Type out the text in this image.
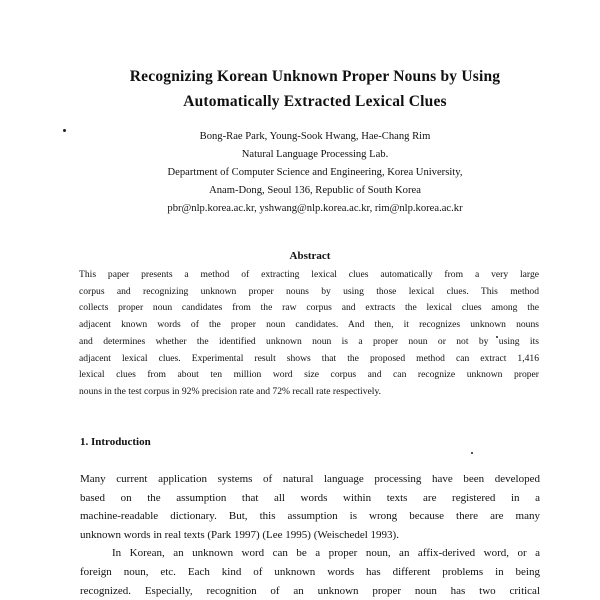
Recognizing Korean Unknown Proper Nouns by Using
Automatically Extracted Lexical Clues
Bong-Rae Park, Young-Sook Hwang, Hae-Chang Rim
Natural Language Processing Lab.
Department of Computer Science and Engineering, Korea University,
Anam-Dong, Seoul 136, Republic of South Korea
pbr@nlp.korea.ac.kr, yshwang@nlp.korea.ac.kr, rim@nlp.korea.ac.kr
Abstract
This paper presents a method of extracting lexical clues automatically from a very large
corpus and recognizing unknown proper nouns by using those lexical clues. This method
collects proper noun candidates from the raw corpus and extracts the lexical clues among the
adjacent known words of the proper noun candidates. And then, it recognizes unknown nouns
and determines whether the identified unknown noun is a proper noun or not by using its
adjacent lexical clues. Experimental result shows that the proposed method can extract 1,416
lexical clues from about ten million word size corpus and can recognize unknown proper
nouns in the test corpus in 92% precision rate and 72% recall rate respectively.
1. Introduction
Many current application systems of natural language processing have been developed
based on the assumption that all words within texts are registered in a
machine-readable dictionary. But, this assumption is wrong because there are many
unknown words in real texts (Park 1997) (Lee 1995) (Weischedel 1993).
In Korean, an unknown word can be a proper noun, an affix-derived word, or a
foreign noun, etc. Each kind of unknown words has different problems in being
recognized. Especially, recognition of an unknown proper noun has two critical
